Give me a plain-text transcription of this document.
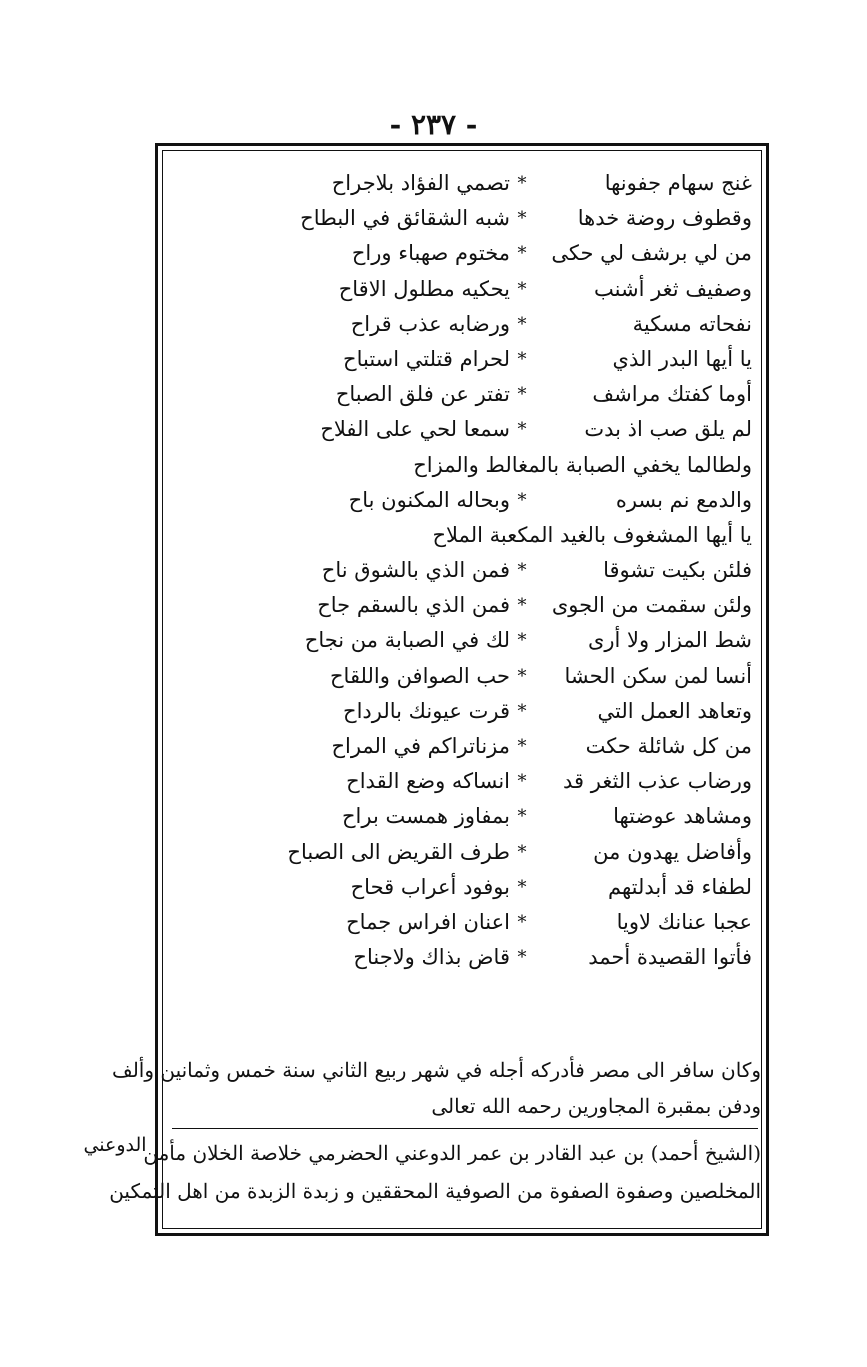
- ٢٣٧ -
غنج سهام جفونها
*
تصمي الفؤاد بلاجراح
وقطوف روضة خدها
*
شبه الشقائق في البطاح
من لي برشف لي حكى
*
مختوم صهباء وراح
وصفيف ثغر أشنب
*
يحكيه مطلول الاقاح
نفحاته مسكية
*
ورضابه عذب قراح
يا أيها البدر الذي
*
لحرام قتلتي استباح
أوما كفتك مراشف
*
تفتر عن فلق الصباح
لم يلق صب اذ بدت
*
سمعا لحي على الفلاح
ولطالما يخفي الصبابة بالمغالط والمزاح
والدمع نم بسره
*
وبحاله المكنون باح
يا أيها المشغوف بالغيد المكعبة الملاح
فلئن بكيت تشوقا
*
فمن الذي بالشوق ناح
ولئن سقمت من الجوى
*
فمن الذي بالسقم جاح
شط المزار ولا أرى
*
لك في الصبابة من نجاح
أنسا لمن سكن الحشا
*
حب الصوافن واللقاح
وتعاهد العمل التي
*
قرت عيونك بالرداح
من كل شائلة حكت
*
مزناتراكم في المراح
ورضاب عذب الثغر قد
*
انساكه وضع القداح
ومشاهد عوضتها
*
بمفاوز همست براح
وأفاضل يهدون من
*
طرف القريض الى الصباح
لطفاء قد أبدلتهم
*
بوفود أعراب قحاح
عجبا عنانك لاويا
*
اعنان افراس جماح
فأتوا القصيدة أحمد
*
قاض بذاك ولاجناح

وكان سافر الى مصر فأدركه أجله في شهر ربيع الثاني سنة خمس وثمانين وألف

ودفن بمقبرة المجاورين رحمه الله تعالى

(الشيخ أحمد) بن عبد القادر بن عمر الدوعني الحضرمي خلاصة الخلان مأمن

المخلصين وصفوة الصفوة من الصوفية المحققين و زبدة الزبدة من اهل التمكين

الدوعني
